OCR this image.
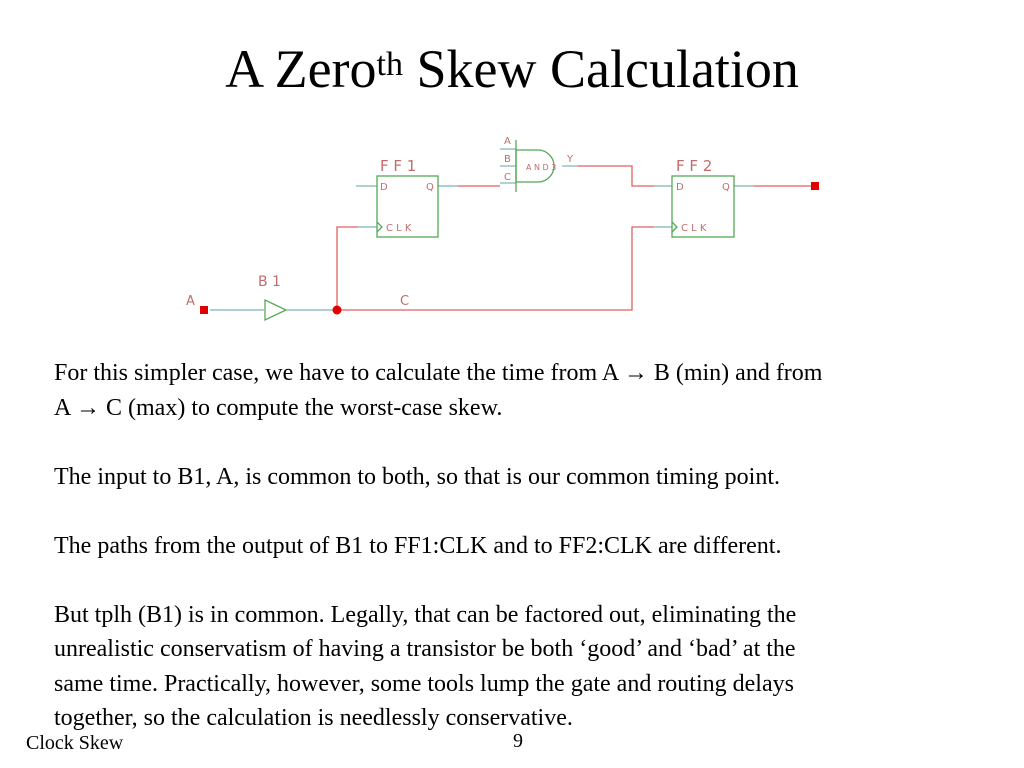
A Zero$^{th}$ Skew Calculation
F F 1	F F 2
D	Q
C L K
D	Q
C L K
A N D 3
A
B
C
Y
B 1
A	C

For this simpler case, we have to calculate the time from A → B (min) and from
A → C (max) to compute the worst-case skew.

The input to B1, A, is common to both, so that is our common timing point.

The paths from the output of B1 to FF1:CLK and to FF2:CLK are different.

But tplh (B1) is in common. Legally, that can be factored out, eliminating the
unrealistic conservatism of having a transistor be both ‘good’ and ‘bad’ at the
same time. Practically, however, some tools lump the gate and routing delays
together, so the calculation is needlessly conservative.

Clock Skew	9
